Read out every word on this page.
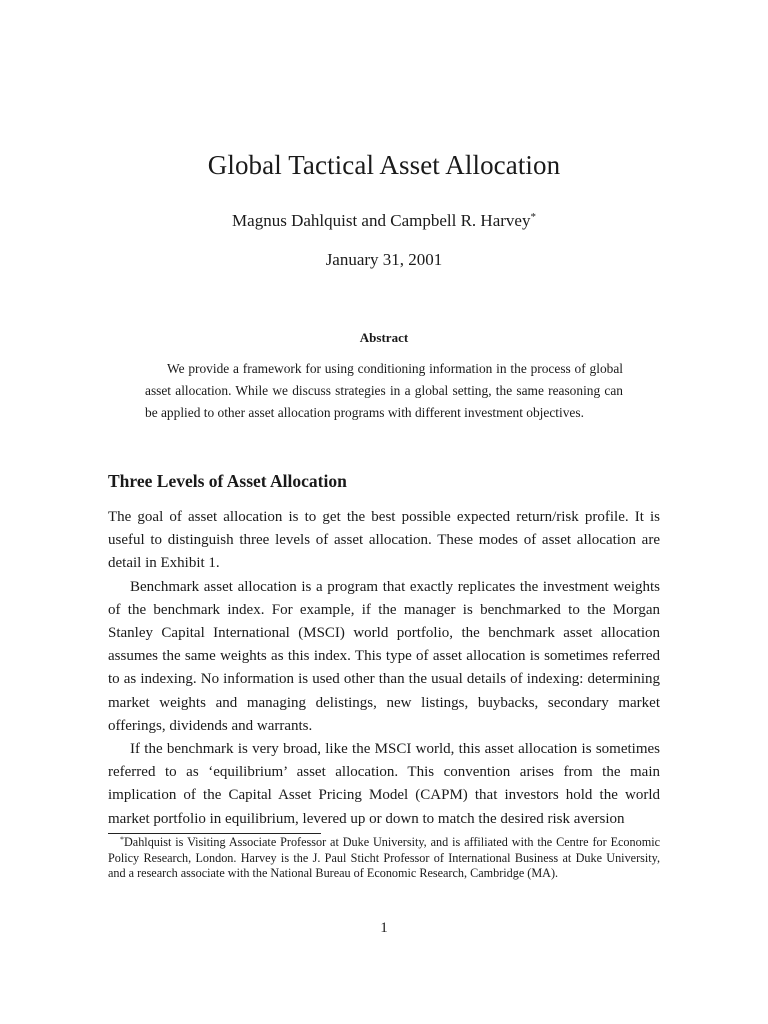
Global Tactical Asset Allocation
Magnus Dahlquist and Campbell R. Harvey*
January 31, 2001
Abstract

We provide a framework for using conditioning information in the process of global asset allocation. While we discuss strategies in a global setting, the same reasoning can be applied to other asset allocation programs with different investment objectives.

Three Levels of Asset Allocation

The goal of asset allocation is to get the best possible expected return/risk profile. It is useful to distinguish three levels of asset allocation. These modes of asset allocation are detail in Exhibit 1.

Benchmark asset allocation is a program that exactly replicates the investment weights of the benchmark index. For example, if the manager is benchmarked to the Morgan Stanley Capital International (MSCI) world portfolio, the benchmark asset allocation assumes the same weights as this index. This type of asset allocation is sometimes referred to as indexing. No information is used other than the usual details of indexing: determining market weights and managing delistings, new listings, buybacks, secondary market offerings, dividends and warrants.

If the benchmark is very broad, like the MSCI world, this asset allocation is sometimes referred to as ‘equilibrium’ asset allocation. This convention arises from the main implication of the Capital Asset Pricing Model (CAPM) that investors hold the world market portfolio in equilibrium, levered up or down to match the desired risk aversion

*Dahlquist is Visiting Associate Professor at Duke University, and is affiliated with the Centre for Economic Policy Research, London. Harvey is the J. Paul Sticht Professor of International Business at Duke University, and a research associate with the National Bureau of Economic Research, Cambridge (MA).

1
